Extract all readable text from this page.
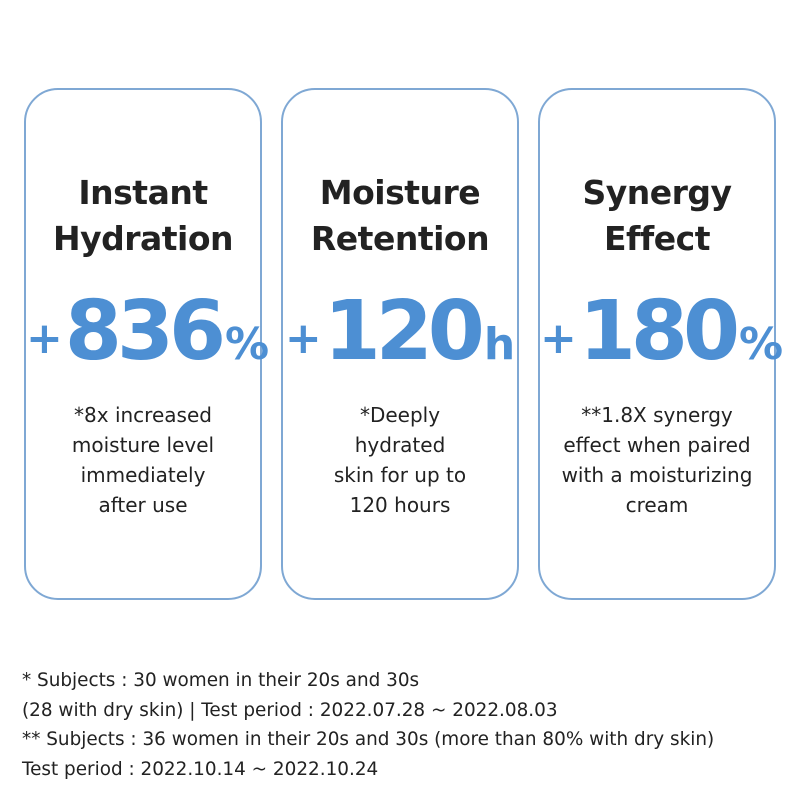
Instant
Hydration
+836%
*8x increased
moisture level
immediately
after use
Moisture
Retention
+120h
*Deeply
hydrated
skin for up to
120 hours
Synergy
Effect
+180%
**1.8X synergy
effect when paired
with a moisturizing
cream
* Subjects : 30 women in their 20s and 30s
(28 with dry skin) | Test period : 2022.07.28 ~ 2022.08.03
** Subjects : 36 women in their 20s and 30s (more than 80% with dry skin)
Test period : 2022.10.14 ~ 2022.10.24
